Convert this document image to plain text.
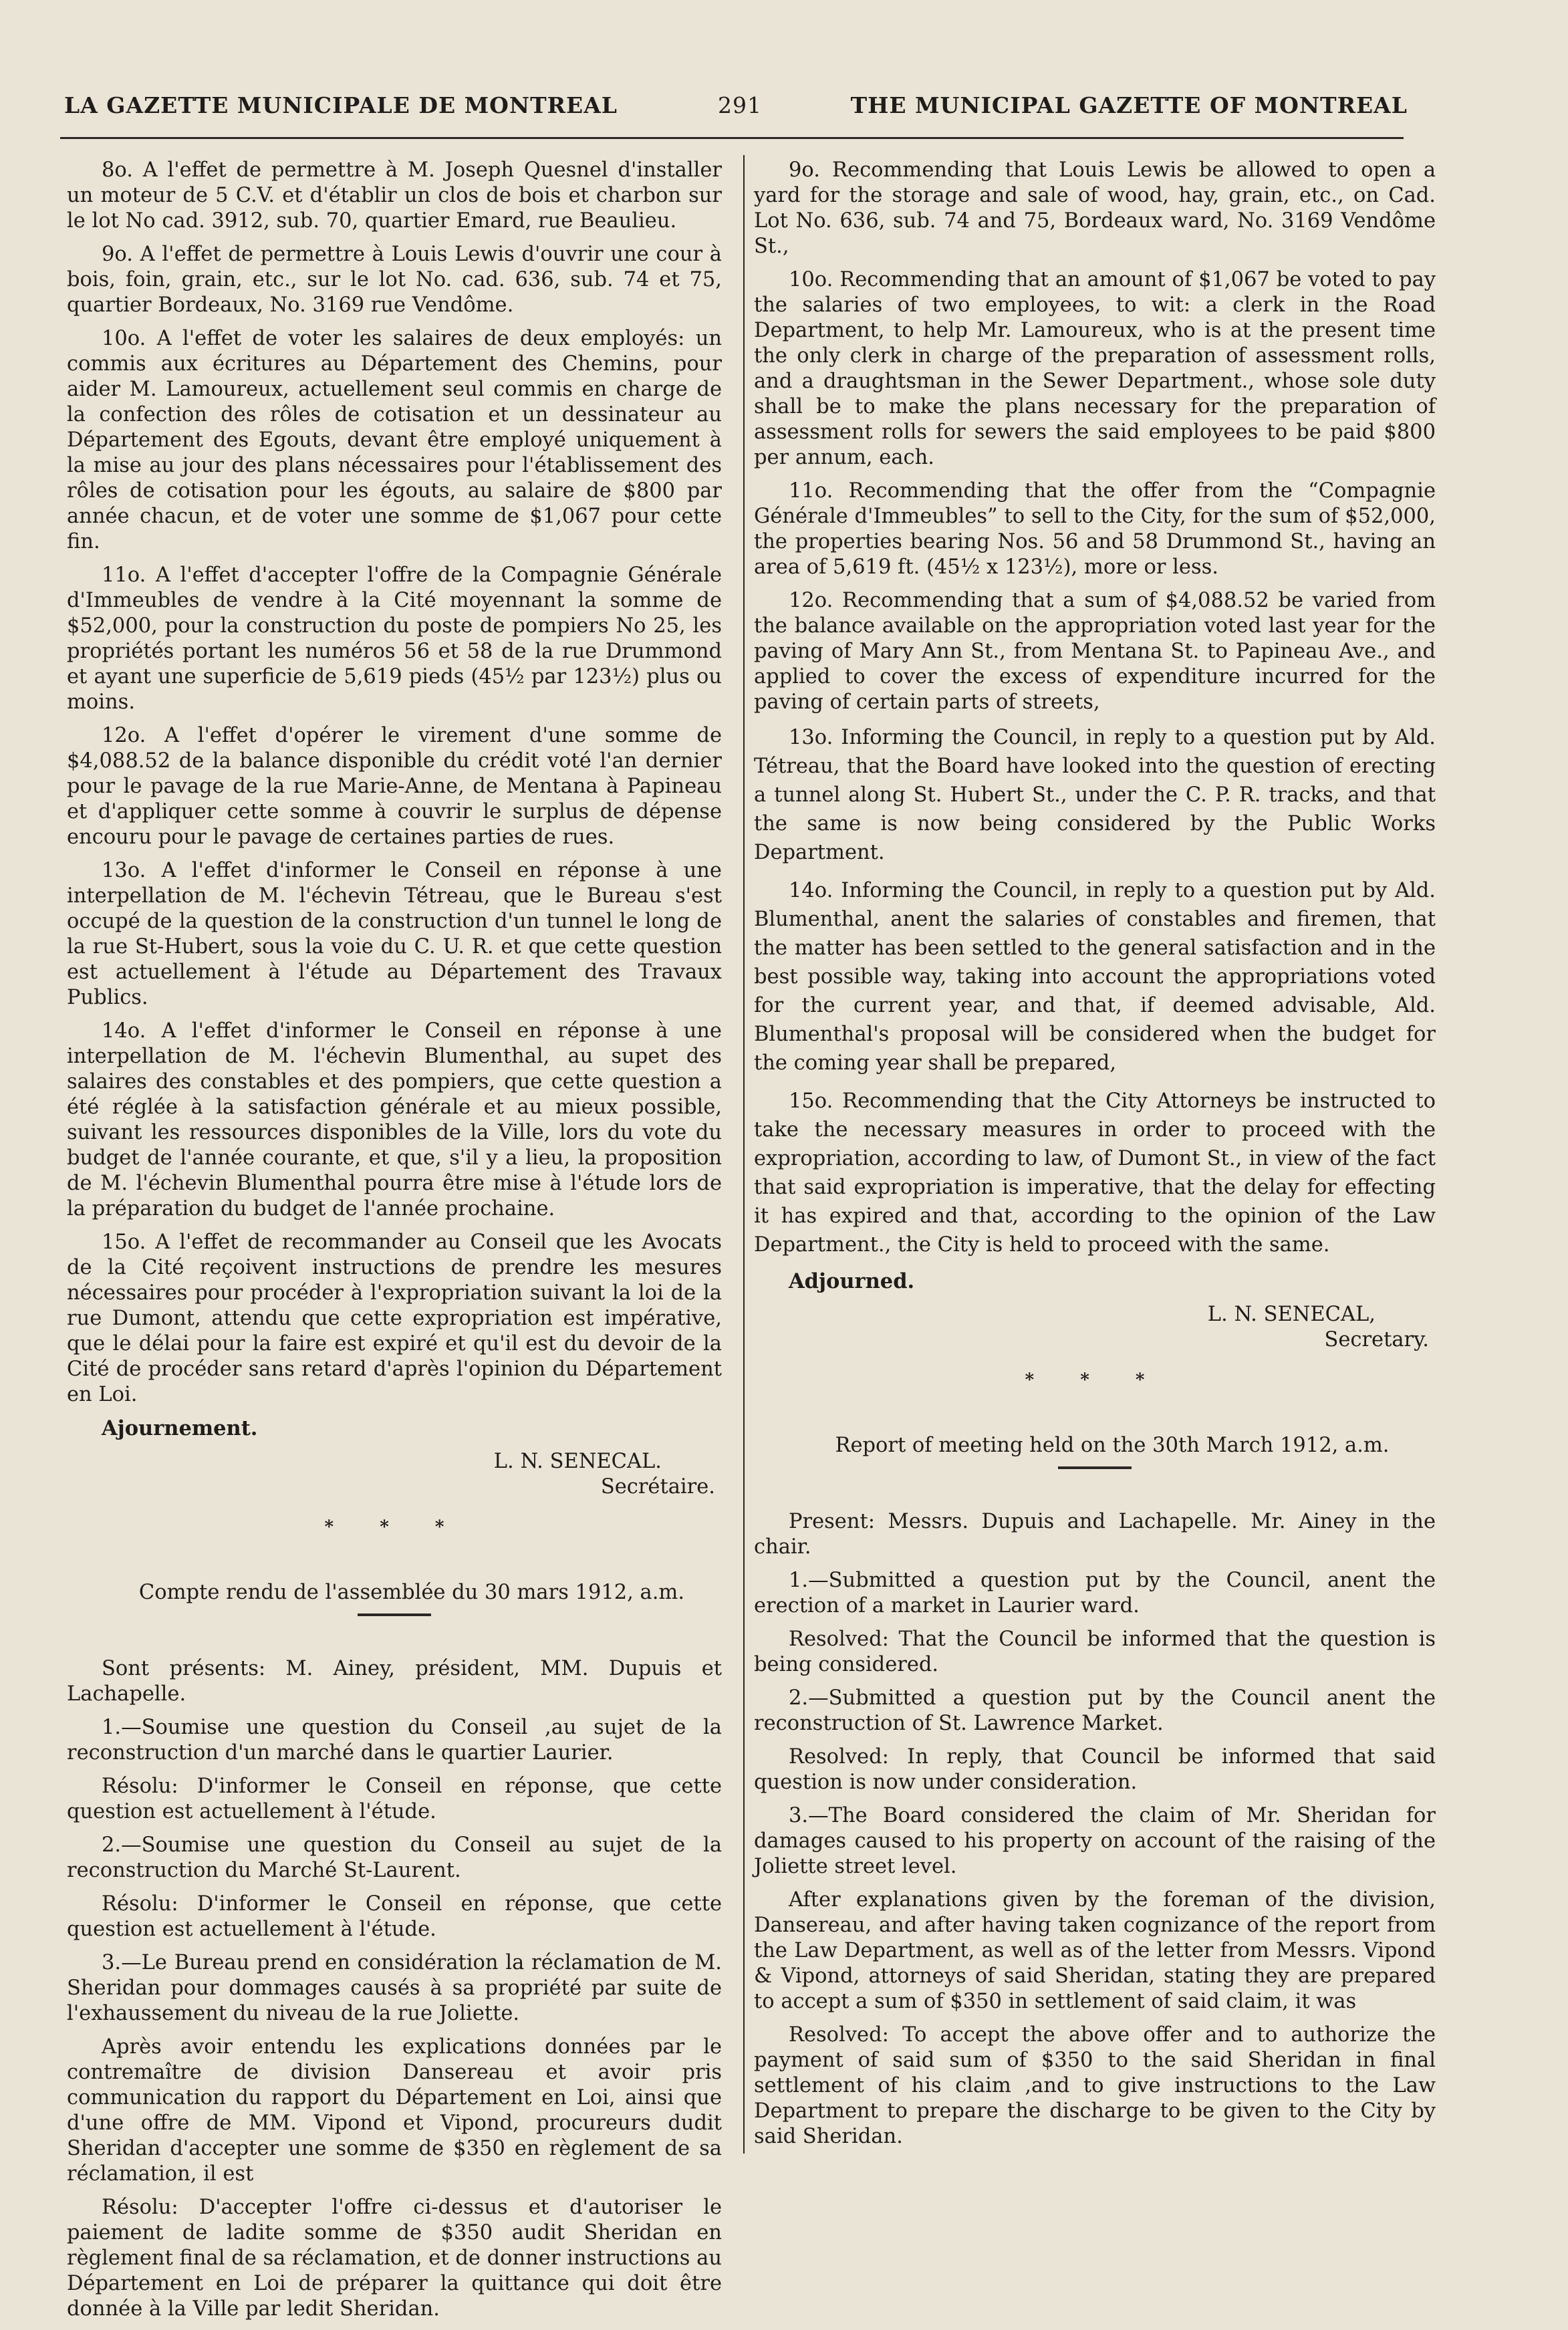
LA GAZETTE MUNICIPALE DE MONTREAL	291	THE MUNICIPAL GAZETTE OF MONTREAL

8o. A l'effet de permettre à M. Joseph Quesnel d'installer un moteur de 5 C.V. et d'établir un clos de bois et charbon sur le lot No cad. 3912, sub. 70, quartier Emard, rue Beaulieu.

9o. A l'effet de permettre à Louis Lewis d'ouvrir une cour à bois, foin, grain, etc., sur le lot No. cad. 636, sub. 74 et 75, quartier Bordeaux, No. 3169 rue Vendôme.

10o. A l'effet de voter les salaires de deux employés: un commis aux écritures au Département des Chemins, pour aider M. Lamoureux, actuellement seul commis en charge de la confection des rôles de cotisation et un dessinateur au Département des Egouts, devant être employé uniquement à la mise au jour des plans nécessaires pour l'établissement des rôles de cotisation pour les égouts, au salaire de $800 par année chacun, et de voter une somme de $1,067 pour cette fin.

11o. A l'effet d'accepter l'offre de la Compagnie Générale d'Immeubles de vendre à la Cité moyennant la somme de $52,000, pour la construction du poste de pompiers No 25, les propriétés portant les numéros 56 et 58 de la rue Drummond et ayant une superficie de 5,619 pieds (45½ par 123½) plus ou moins.

12o. A l'effet d'opérer le virement d'une somme de $4,088.52 de la balance disponible du crédit voté l'an dernier pour le pavage de la rue Marie-Anne, de Mentana à Papineau et d'appliquer cette somme à couvrir le surplus de dépense encouru pour le pavage de certaines parties de rues.

13o. A l'effet d'informer le Conseil en réponse à une interpellation de M. l'échevin Tétreau, que le Bureau s'est occupé de la question de la construction d'un tunnel le long de la rue St-Hubert, sous la voie du C. U. R. et que cette question est actuellement à l'étude au Département des Travaux Publics.

14o. A l'effet d'informer le Conseil en réponse à une interpellation de M. l'échevin Blumenthal, au supet des salaires des constables et des pompiers, que cette question a été réglée à la satisfaction générale et au mieux possible, suivant les ressources disponibles de la Ville, lors du vote du budget de l'année courante, et que, s'il y a lieu, la proposition de M. l'échevin Blumenthal pourra être mise à l'étude lors de la préparation du budget de l'année prochaine.

15o. A l'effet de recommander au Conseil que les Avocats de la Cité reçoivent instructions de prendre les mesures nécessaires pour procéder à l'expropriation suivant la loi de la rue Dumont, attendu que cette expropriation est impérative, que le délai pour la faire est expiré et qu'il est du devoir de la Cité de procéder sans retard d'après l'opinion du Département en Loi.

Ajournement.

L. N. SENECAL.
Secrétaire.
* * *

Compte rendu de l'assemblée du 30 mars 1912, a.m.

Sont présents: M. Ainey, président, MM. Dupuis et Lachapelle.

1.—Soumise une question du Conseil ,au sujet de la reconstruction d'un marché dans le quartier Laurier.

Résolu: D'informer le Conseil en réponse, que cette question est actuellement à l'étude.

2.—Soumise une question du Conseil au sujet de la reconstruction du Marché St-Laurent.

Résolu: D'informer le Conseil en réponse, que cette question est actuellement à l'étude.

3.—Le Bureau prend en considération la réclamation de M. Sheridan pour dommages causés à sa propriété par suite de l'exhaussement du niveau de la rue Joliette.

Après avoir entendu les explications données par le contremaître de division Dansereau et avoir pris communication du rapport du Département en Loi, ainsi que d'une offre de MM. Vipond et Vipond, procureurs dudit Sheridan d'accepter une somme de $350 en règlement de sa réclamation, il est

Résolu: D'accepter l'offre ci-dessus et d'autoriser le paiement de ladite somme de $350 audit Sheridan en règlement final de sa réclamation, et de donner instructions au Département en Loi de préparer la quittance qui doit être donnée à la Ville par ledit Sheridan.

9o. Recommending that Louis Lewis be allowed to open a yard for the storage and sale of wood, hay, grain, etc., on Cad. Lot No. 636, sub. 74 and 75, Bordeaux ward, No. 3169 Vendôme St.,

10o. Recommending that an amount of $1,067 be voted to pay the salaries of two employees, to wit: a clerk in the Road Department, to help Mr. Lamoureux, who is at the present time the only clerk in charge of the preparation of assessment rolls, and a draughtsman in the Sewer Department., whose sole duty shall be to make the plans necessary for the preparation of assessment rolls for sewers the said employees to be paid $800 per annum, each.

11o. Recommending that the offer from the “Compagnie Générale d'Immeubles” to sell to the City, for the sum of $52,000, the properties bearing Nos. 56 and 58 Drummond St., having an area of 5,619 ft. (45½ x 123½), more or less.

12o. Recommending that a sum of $4,088.52 be varied from the balance available on the appropriation voted last year for the paving of Mary Ann St., from Mentana St. to Papineau Ave., and applied to cover the excess of expenditure incurred for the paving of certain parts of streets,

13o. Informing the Council, in reply to a question put by Ald. Tétreau, that the Board have looked into the question of erecting a tunnel along St. Hubert St., under the C. P. R. tracks, and that the same is now being considered by the Public Works Department.

14o. Informing the Council, in reply to a question put by Ald. Blumenthal, anent the salaries of constables and firemen, that the matter has been settled to the general satisfaction and in the best possible way, taking into account the appropriations voted for the current year, and that, if deemed advisable, Ald. Blumenthal's proposal will be considered when the budget for the coming year shall be prepared,

15o. Recommending that the City Attorneys be instructed to take the necessary measures in order to proceed with the expropriation, according to law, of Dumont St., in view of the fact that said expropriation is imperative, that the delay for effecting it has expired and that, according to the opinion of the Law Department., the City is held to proceed with the same.

Adjourned.

L. N. SENECAL,
Secretary.
* * *

Report of meeting held on the 30th March 1912, a.m.

Present: Messrs. Dupuis and Lachapelle. Mr. Ainey in the chair.

1.—Submitted a question put by the Council, anent the erection of a market in Laurier ward.

Resolved: That the Council be informed that the question is being considered.

2.—Submitted a question put by the Council anent the reconstruction of St. Lawrence Market.

Resolved: In reply, that Council be informed that said question is now under consideration.

3.—The Board considered the claim of Mr. Sheridan for damages caused to his property on account of the raising of the Joliette street level.

After explanations given by the foreman of the division, Dansereau, and after having taken cognizance of the report from the Law Department, as well as of the letter from Messrs. Vipond & Vipond, attorneys of said Sheridan, stating they are prepared to accept a sum of $350 in settlement of said claim, it was

Resolved: To accept the above offer and to authorize the payment of said sum of $350 to the said Sheridan in final settlement of his claim ,and to give instructions to the Law Department to prepare the discharge to be given to the City by said Sheridan.
